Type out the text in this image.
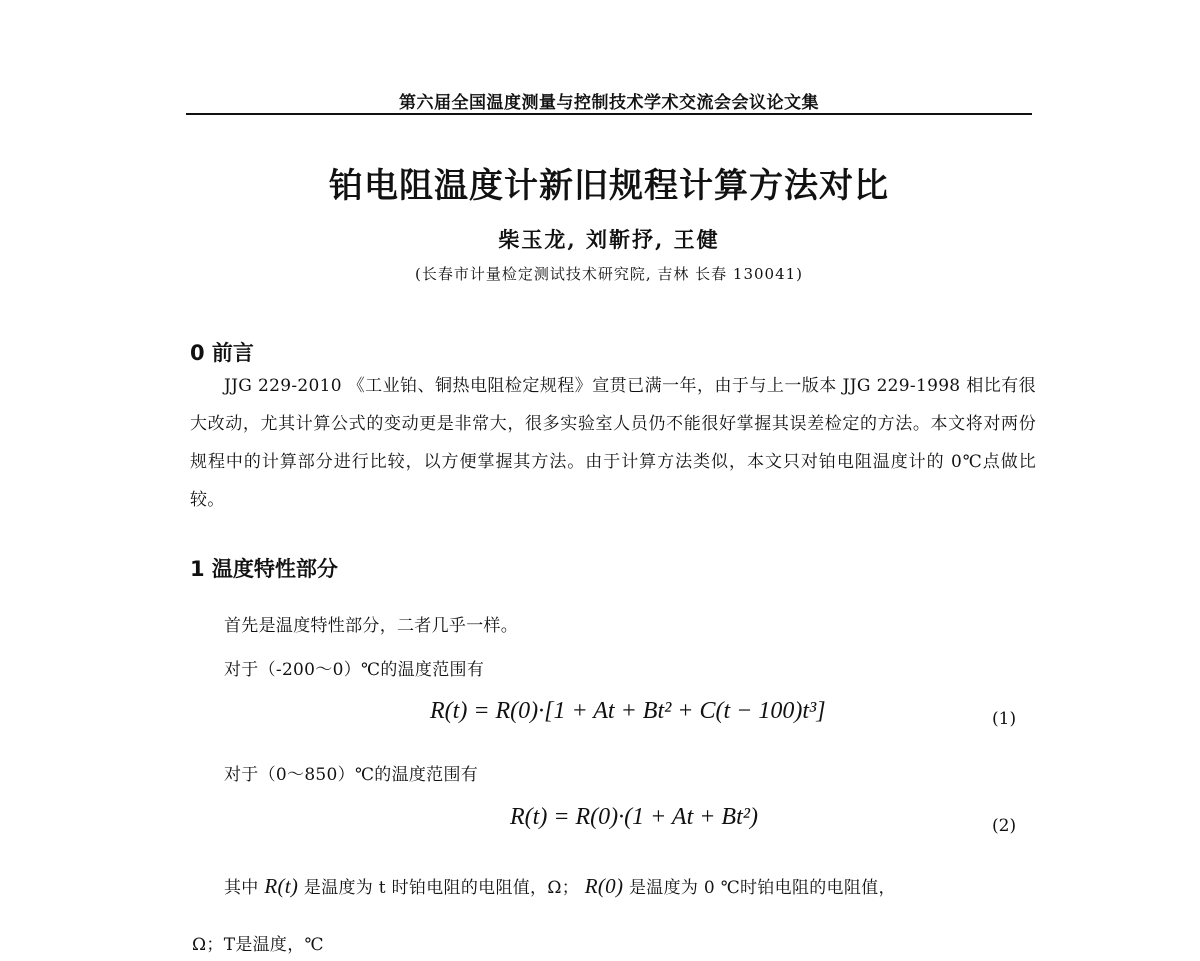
第六届全国温度测量与控制技术学术交流会会议论文集
铂电阻温度计新旧规程计算方法对比
柴玉龙, 刘靳抒, 王健
(长春市计量检定测试技术研究院, 吉林 长春 130041)
0 前言
JJG 229-2010 《工业铂、铜热电阻检定规程》宣贯已满一年，由于与上一版本 JJG 229-1998 相比有很大改动，尤其计算公式的变动更是非常大，很多实验室人员仍不能很好掌握其误差检定的方法。本文将对两份规程中的计算部分进行比较，以方便掌握其方法。由于计算方法类似，本文只对铂电阻温度计的 0℃点做比较。
1 温度特性部分
首先是温度特性部分，二者几乎一样。
对于（-200～0）℃的温度范围有
R(t) = R(0)·[1 + At + Bt² + C(t − 100)t³]	(1)
对于（0～850）℃的温度范围有
R(t) = R(0)·(1 + At + Bt²)	(2)
其中 R(t) 是温度为 t 时铂电阻的电阻值，Ω； R(0) 是温度为 0 ℃时铂电阻的电阻值，
Ω；T是温度，℃
